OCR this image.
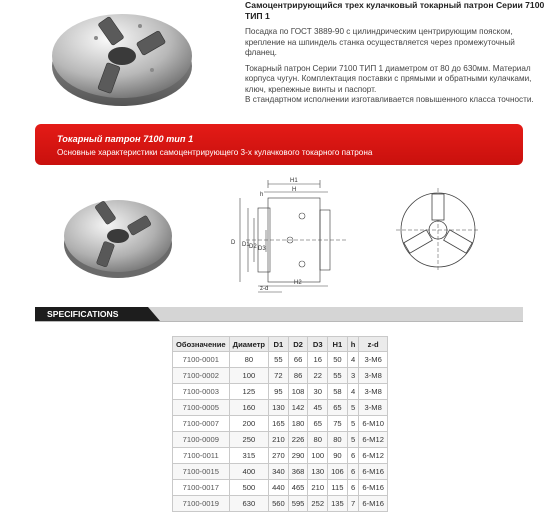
Самоцентрирующийся трех кулачковый токарный патрон Серии 7100 ТИП 1

Посадка по ГОСТ 3889-90 с цилиндрическим центрирующим пояском, крепление на шпиндель станка осуществляется через промежуточный фланец.

Токарный патрон Серии 7100 ТИП 1 диаметром от 80 до 630мм. Материал корпуса чугун. Комплектация поставки с прямыми и обратными кулачками, ключ, крепежные винты и паспорт.

В стандартном исполнении изготавливается повышенного класса точности.

Токарный патрон 7100 тип 1
Основные характеристики самоцентрирующего 3-х кулачкового токарного патрона
H1
H
h
D D1 D2 D3
H2
z-d
SPECIFICATIONS
Обозначение	Диаметр	D1	D2	D3	H1	h	z-d
7100-0001	80	55	66	16	50	4	3-M6
7100-0002	100	72	86	22	55	3	3-M8
7100-0003	125	95	108	30	58	4	3-M8
7100-0005	160	130	142	45	65	5	3-M8
7100-0007	200	165	180	65	75	5	6-M10
7100-0009	250	210	226	80	80	5	6-M12
7100-0011	315	270	290	100	90	6	6-M12
7100-0015	400	340	368	130	106	6	6-M16
7100-0017	500	440	465	210	115	6	6-M16
7100-0019	630	560	595	252	135	7	6-M16
